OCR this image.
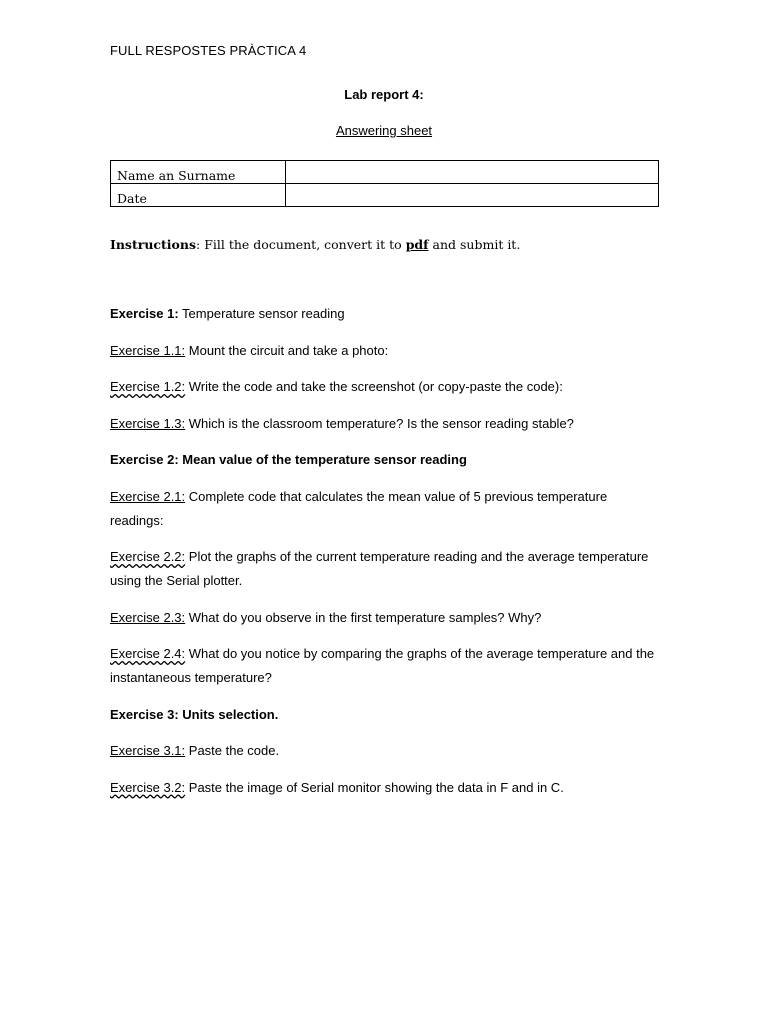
FULL RESPOSTES PRÀCTICA 4
Lab report 4:
Answering sheet
Name an Surname	
Date	
Instructions: Fill the document, convert it to pdf and submit it.
Exercise 1: Temperature sensor reading
Exercise 1.1: Mount the circuit and take a photo:
Exercise 1.2: Write the code and take the screenshot (or copy-paste the code):
Exercise 1.3: Which is the classroom temperature? Is the sensor reading stable?
Exercise 2: Mean value of the temperature sensor reading
Exercise 2.1: Complete code that calculates the mean value of 5 previous temperature readings:
Exercise 2.2: Plot the graphs of the current temperature reading and the average temperature using the Serial plotter.
Exercise 2.3: What do you observe in the first temperature samples? Why?
Exercise 2.4: What do you notice by comparing the graphs of the average temperature and the instantaneous temperature?
Exercise 3: Units selection.
Exercise 3.1: Paste the code.
Exercise 3.2: Paste the image of Serial monitor showing the data in F and in C.
